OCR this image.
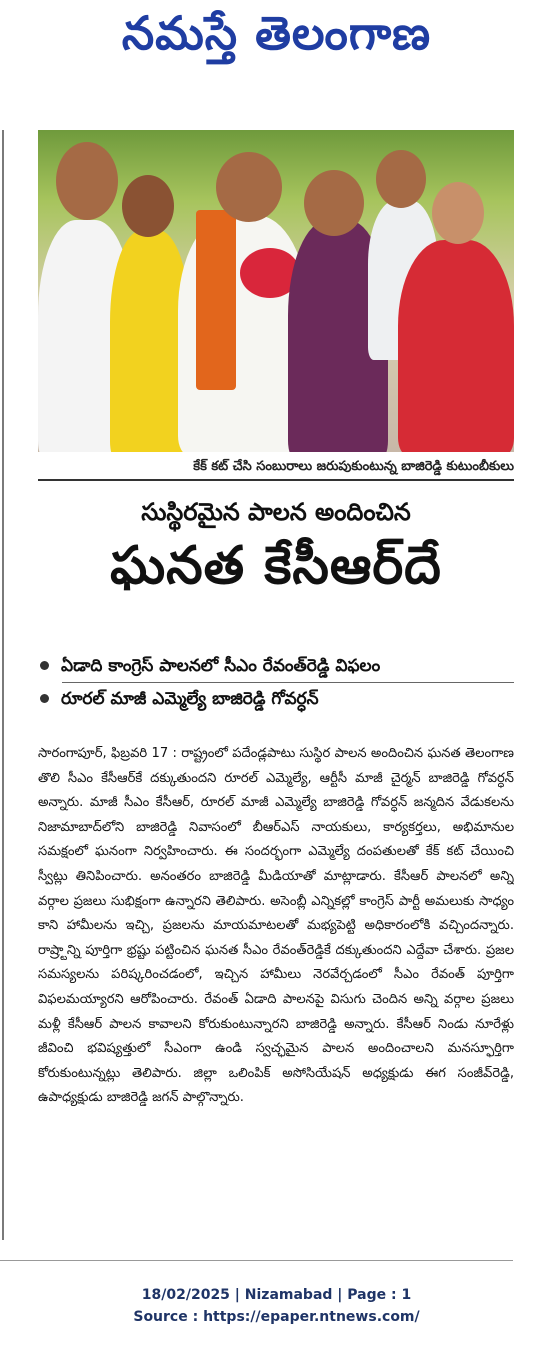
నమస్తే తెలంగాణ
కేక్ కట్ చేసి సంబురాలు జరుపుకుంటున్న బాజిరెడ్డి కుటుంబీకులు
సుస్థిరమైన పాలన అందించిన
ఘనత కేసీఆర్‌దే
ఏడాది కాంగ్రెస్ పాలనలో సీఎం రేవంత్‌రెడ్డి విఫలం
రూరల్ మాజీ ఎమ్మెల్యే బాజిరెడ్డి గోవర్ధన్
సారంగాపూర్, ఫిబ్రవరి 17 : రాష్ట్రంలో పదేండ్లపాటు సుస్థిర పాలన అందించిన ఘనత తెలంగాణ తొలి సీఎం కేసీఆర్‌కే దక్కుతుందని రూరల్ ఎమ్మెల్యే, ఆర్టీసీ మాజీ చైర్మన్ బాజిరెడ్డి గోవర్ధన్ అన్నారు. మాజీ సీఎం కేసీఆర్, రూరల్ మాజీ ఎమ్మెల్యే బాజిరెడ్డి గోవర్ధన్ జన్మదిన వేడుకలను నిజామాబాద్‌లోని బాజిరెడ్డి నివాసంలో బీఆర్‌ఎస్ నాయకులు, కార్యకర్తలు, అభిమానుల సమక్షంలో ఘనంగా నిర్వహించారు. ఈ సందర్భంగా ఎమ్మెల్యే దంపతులతో కేక్ కట్ చేయించి స్వీట్లు తినిపించారు. అనంతరం బాజిరెడ్డి మీడియాతో మాట్లాడారు. కేసీఆర్ పాలనలో అన్ని వర్గాల ప్రజలు సుభిక్షంగా ఉన్నారని తెలిపారు. అసెంబ్లీ ఎన్నికల్లో కాంగ్రెస్ పార్టీ అమలుకు సాధ్యం కాని హామీలను ఇచ్చి, ప్రజలను మాయమాటలతో మభ్యపెట్టి అధికారంలోకి వచ్చిందన్నారు. రాష్ర్టాన్ని పూర్తిగా భ్రష్టు పట్టించిన ఘనత సీఎం రేవంత్‌రెడ్డికే దక్కుతుందని ఎద్దేవా చేశారు. ప్రజల సమస్యలను పరిష్కరించడంలో, ఇచ్చిన హామీలు నెరవేర్చడంలో సీఎం రేవంత్ పూర్తిగా విఫలమయ్యారని ఆరోపించారు. రేవంత్ ఏడాది పాలనపై విసుగు చెందిన అన్ని వర్గాల ప్రజలు మళ్లీ కేసీఆర్ పాలన కావాలని కోరుకుంటున్నారని బాజిరెడ్డి అన్నారు. కేసీఆర్ నిండు నూరేళ్లు జీవించి భవిష్యత్తులో సీఎంగా ఉండి స్వచ్ఛమైన పాలన అందించాలని మనస్ఫూర్తిగా కోరుకుంటున్నట్లు తెలిపారు. జిల్లా ఒలింపిక్ అసోసియేషన్ అధ్యక్షుడు ఈగ సంజీవ్‌రెడ్డి, ఉపాధ్యక్షుడు బాజిరెడ్డి జగన్ పాల్గొన్నారు.
18/02/2025 | Nizamabad | Page : 1
Source : https://epaper.ntnews.com/
